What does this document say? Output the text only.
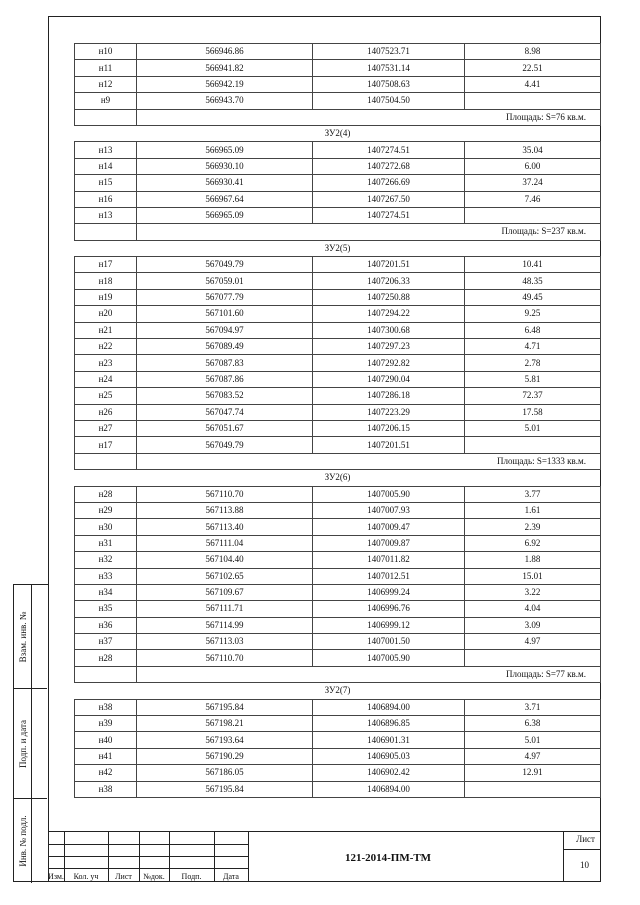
н10	566946.86	1407523.71	8.98
н11	566941.82	1407531.14	22.51
н12	566942.19	1407508.63	4.41
н9	566943.70	1407504.50	
	Площадь: S=76 кв.м.		
ЗУ2(4)			
н13	566965.09	1407274.51	35.04
н14	566930.10	1407272.68	6.00
н15	566930.41	1407266.69	37.24
н16	566967.64	1407267.50	7.46
н13	566965.09	1407274.51	
	Площадь: S=237 кв.м.		
ЗУ2(5)			
н17	567049.79	1407201.51	10.41
н18	567059.01	1407206.33	48.35
н19	567077.79	1407250.88	49.45
н20	567101.60	1407294.22	9.25
н21	567094.97	1407300.68	6.48
н22	567089.49	1407297.23	4.71
н23	567087.83	1407292.82	2.78
н24	567087.86	1407290.04	5.81
н25	567083.52	1407286.18	72.37
н26	567047.74	1407223.29	17.58
н27	567051.67	1407206.15	5.01
н17	567049.79	1407201.51	
	Площадь: S=1333 кв.м.		
ЗУ2(6)			
н28	567110.70	1407005.90	3.77
н29	567113.88	1407007.93	1.61
н30	567113.40	1407009.47	2.39
н31	567111.04	1407009.87	6.92
н32	567104.40	1407011.82	1.88
н33	567102.65	1407012.51	15.01
н34	567109.67	1406999.24	3.22
н35	567111.71	1406996.76	4.04
н36	567114.99	1406999.12	3.09
н37	567113.03	1407001.50	4.97
н28	567110.70	1407005.90	
	Площадь: S=77 кв.м.		
ЗУ2(7)			
н38	567195.84	1406894.00	3.71
н39	567198.21	1406896.85	6.38
н40	567193.64	1406901.31	5.01
н41	567190.29	1406905.03	4.97
н42	567186.05	1406902.42	12.91
н38	567195.84	1406894.00	
Взам. инв. №
Подп. и дата
Инв. № подл.
Изм.	Кол. уч	Лист	№док.	Подп.	Дата
121-2014-ПМ-ТМ
Лист
10
